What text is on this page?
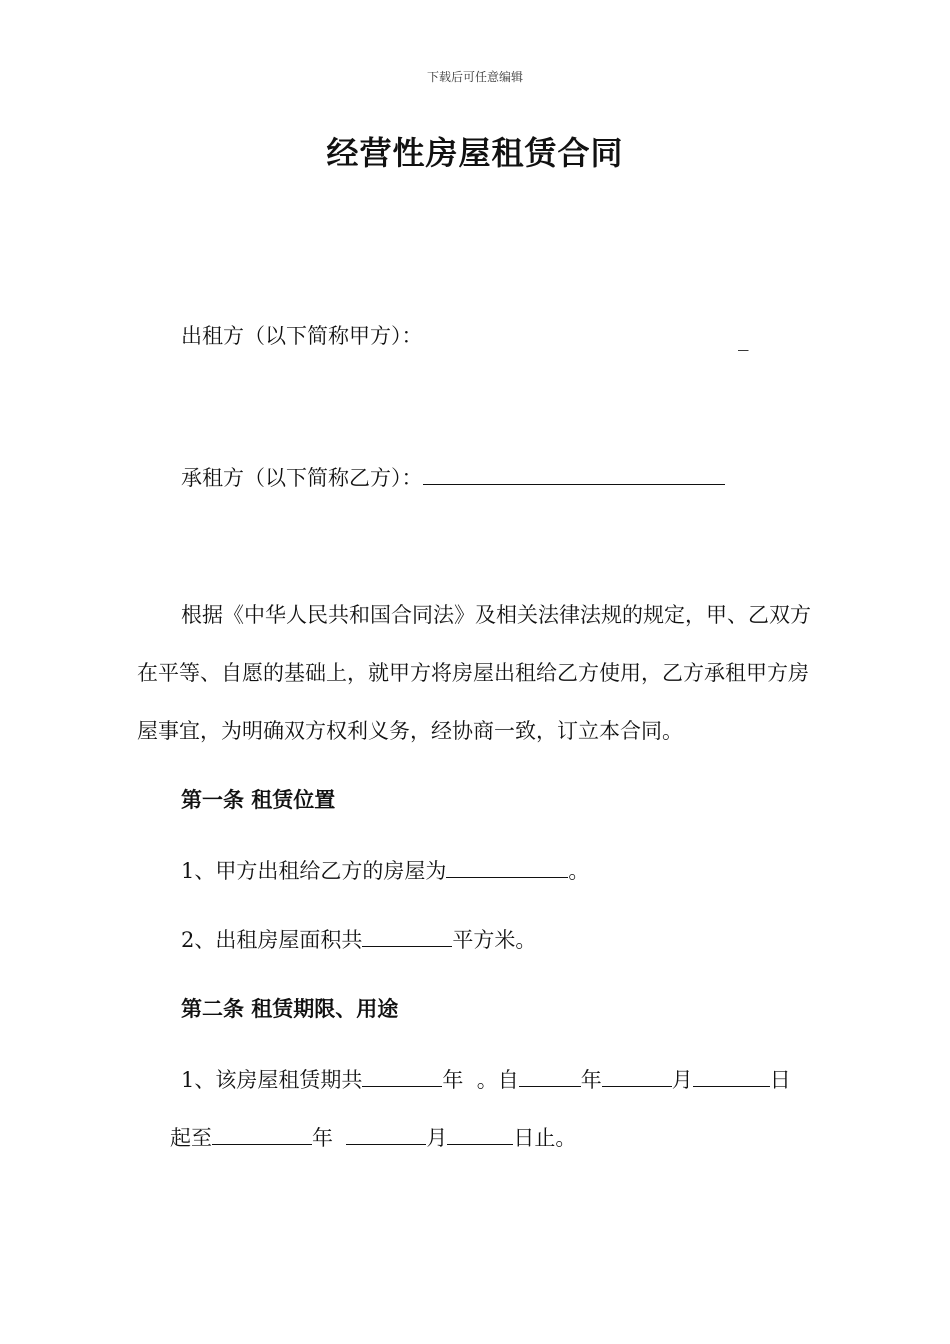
下载后可任意编辑
经营性房屋租赁合同
出租方（以下简称甲方）：	_
承租方（以下简称乙方）：
根据《中华人民共和国合同法》及相关法律法规的规定，甲、乙双方在平等、自愿的基础上，就甲方将房屋出租给乙方使用，乙方承租甲方房屋事宜，为明确双方权利义务，经协商一致，订立本合同。
第一条 租赁位置
1、甲方出租给乙方的房屋为	。
2、出租房屋面积共	平方米。
第二条 租赁期限、用途
1、该房屋租赁期共	年 。自	年	月	日
起至	年	月	日止。
